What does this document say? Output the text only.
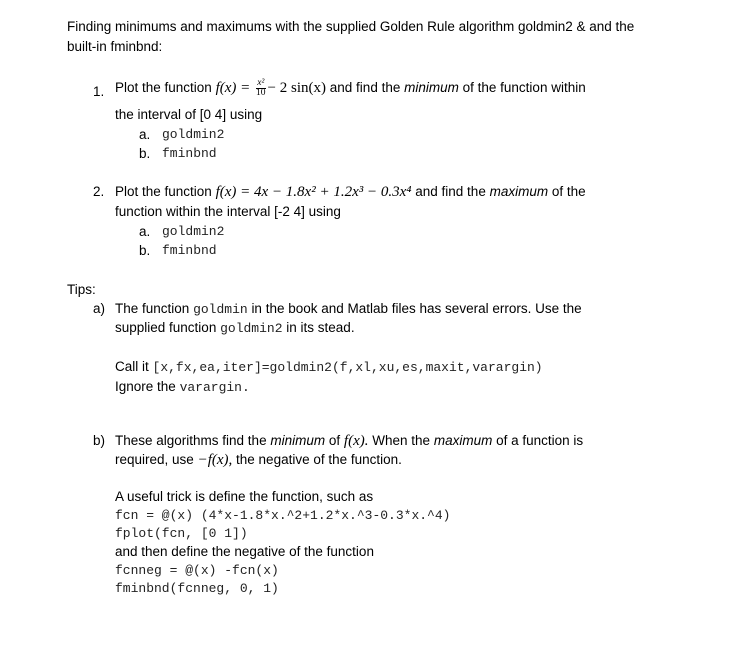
Finding minimums and maximums with the supplied Golden Rule algorithm goldmin2 & and the
built-in fminbnd:
1. Plot the function $f(x) = \frac{\text{x²}}{10} - 2$ sin(x) and find the minimum of the function within
the interval of [0 4] using
a. goldmin2
b. fminbnd
2. Plot the function f(x) = 4x − 1.8x² + 1.2x³ − 0.3x⁴ and find the maximum of the
function within the interval [-2 4] using
a. goldmin2
b. fminbnd
Tips:
a) The function goldmin in the book and Matlab files has several errors. Use the
supplied function goldmin2 in its stead.
Call it [x,fx,ea,iter]=goldmin2(f,xl,xu,es,maxit,varargin)
Ignore the varargin.
b) These algorithms find the minimum of f(x). When the maximum of a function is
required, use −f(x), the negative of the function.
A useful trick is define the function, such as
fcn = @(x) (4*x-1.8*x.^2+1.2*x.^3-0.3*x.^4)
fplot(fcn, [0 1])
and then define the negative of the function
fcnneg = @(x) -fcn(x)
fminbnd(fcnneg, 0, 1)
